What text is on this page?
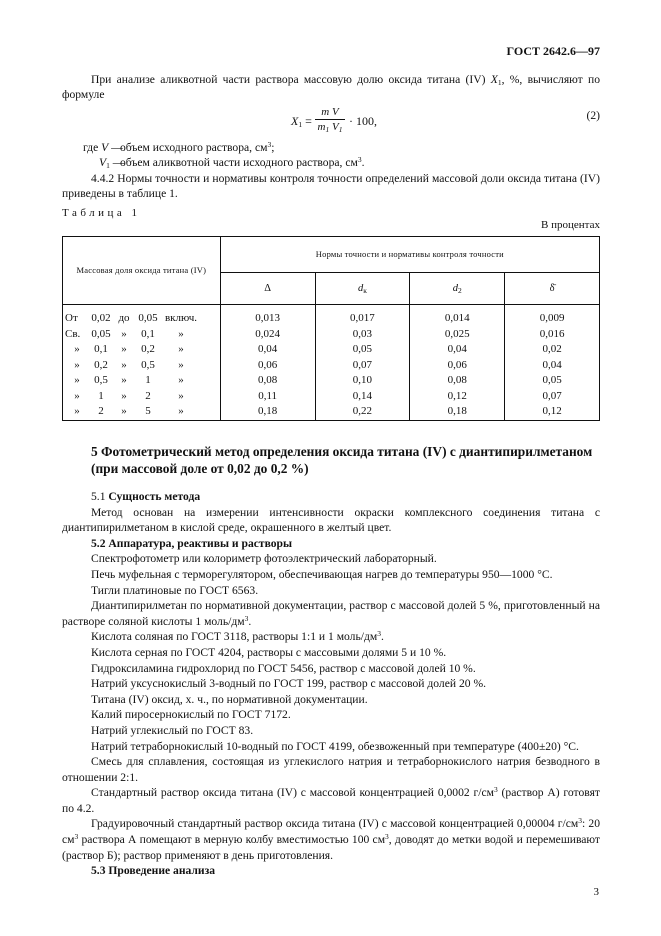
ГОСТ 2642.6—97

При анализе аликвотной части раствора массовую долю оксида титана (IV) $X_1$, %, вычисляют по формуле

$X_1 = \frac{\text{m V}}{m_1 V_1} \cdot 100$,	(2)
где V —
объем исходного раствора, $см^3$;
$V_1$ —
объем аликвотной части исходного раствора, $см^3$.

4.4.2 Нормы точности и нормативы контроля точности определений массовой доли оксида титана (IV) приведены в таблице 1.

Таблица 1
В процентах
Массовая доля оксида титана (IV)	Нормы точности и нормативы контроля точности			
	Δ	$d_к$	$d_2$	δ̄
От 0,02 до 0,05 включ.	0,013	0,017	0,014	0,009
Св. 0,05 » 0,1 »	0,024	0,03	0,025	0,016
» 0,1 » 0,2 »	0,04	0,05	0,04	0,02
» 0,2 » 0,5 »	0,06	0,07	0,06	0,04
» 0,5 » 1 »	0,08	0,10	0,08	0,05
» 1 » 2 »	0,11	0,14	0,12	0,07
» 2 » 5 »	0,18	0,22	0,18	0,12
5 Фотометрический метод определения оксида титана (IV) с диантипирилметаном (при массовой доле от 0,02 до 0,2 %)

5.1 Сущность метода

Метод основан на измерении интенсивности окраски комплексного соединения титана с диантипирилметаном в кислой среде, окрашенного в желтый цвет.

5.2 Аппаратура, реактивы и растворы

Спектрофотометр или колориметр фотоэлектрический лабораторный.

Печь муфельная с терморегулятором, обеспечивающая нагрев до температуры 950—1000 °С.

Тигли платиновые по ГОСТ 6563.

Диантипирилметан по нормативной документации, раствор с массовой долей 5 %, приготовленный на растворе соляной кислоты 1 моль/$дм^3$.

Кислота соляная по ГОСТ 3118, растворы 1:1 и 1 моль/$дм^3$.

Кислота серная по ГОСТ 4204, растворы с массовыми долями 5 и 10 %.

Гидроксиламина гидрохлорид по ГОСТ 5456, раствор с массовой долей 10 %.

Натрий уксуснокислый 3-водный по ГОСТ 199, раствор с массовой долей 20 %.

Титана (IV) оксид, х. ч., по нормативной документации.

Калий пиросернокислый по ГОСТ 7172.

Натрий углекислый по ГОСТ 83.

Натрий тетраборнокислый 10-водный по ГОСТ 4199, обезвоженный при температуре (400±20) °С.

Смесь для сплавления, состоящая из углекислого натрия и тетраборнокислого натрия безводного в отношении 2:1.

Стандартный раствор оксида титана (IV) с массовой концентрацией 0,0002 $г/см^3$ (раствор А) готовят по 4.2.

Градуировочный стандартный раствор оксида титана (IV) с массовой концентрацией 0,00004 $г/см^3$: 20 $см^3$ раствора А помещают в мерную колбу вместимостью 100 $см^3$, доводят до метки водой и перемешивают (раствор Б); раствор применяют в день приготовления.

5.3 Проведение анализа

3
